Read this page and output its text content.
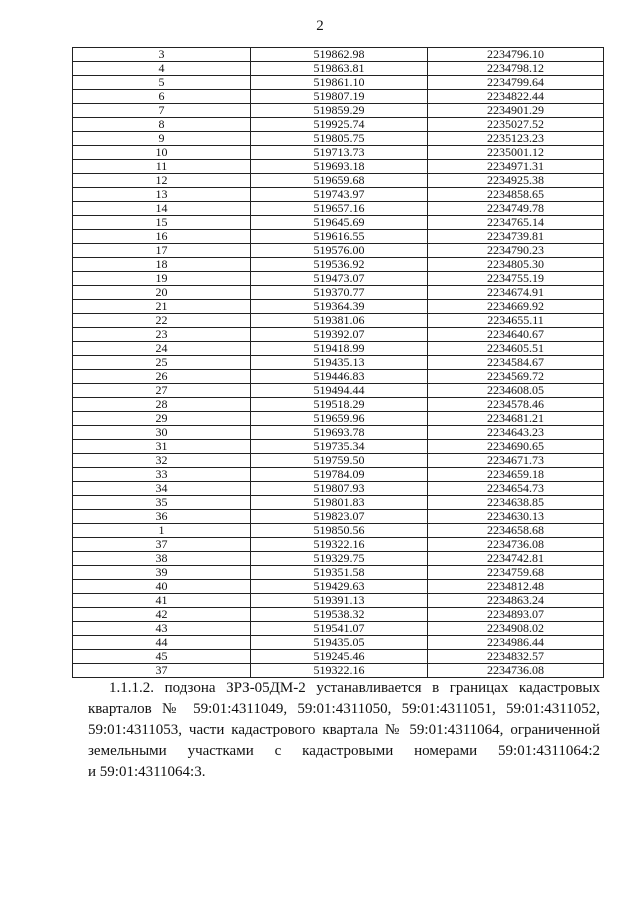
2
3	519862.98	2234796.10
4	519863.81	2234798.12
5	519861.10	2234799.64
6	519807.19	2234822.44
7	519859.29	2234901.29
8	519925.74	2235027.52
9	519805.75	2235123.23
10	519713.73	2235001.12
11	519693.18	2234971.31
12	519659.68	2234925.38
13	519743.97	2234858.65
14	519657.16	2234749.78
15	519645.69	2234765.14
16	519616.55	2234739.81
17	519576.00	2234790.23
18	519536.92	2234805.30
19	519473.07	2234755.19
20	519370.77	2234674.91
21	519364.39	2234669.92
22	519381.06	2234655.11
23	519392.07	2234640.67
24	519418.99	2234605.51
25	519435.13	2234584.67
26	519446.83	2234569.72
27	519494.44	2234608.05
28	519518.29	2234578.46
29	519659.96	2234681.21
30	519693.78	2234643.23
31	519735.34	2234690.65
32	519759.50	2234671.73
33	519784.09	2234659.18
34	519807.93	2234654.73
35	519801.83	2234638.85
36	519823.07	2234630.13
1	519850.56	2234658.68
37	519322.16	2234736.08
38	519329.75	2234742.81
39	519351.58	2234759.68
40	519429.63	2234812.48
41	519391.13	2234863.24
42	519538.32	2234893.07
43	519541.07	2234908.02
44	519435.05	2234986.44
45	519245.46	2234832.57
37	519322.16	2234736.08
1.1.1.2. подзона ЗРЗ-05ДМ-2 устанавливается в границах кадастровых
кварталов № 59:01:4311049, 59:01:4311050, 59:01:4311051, 59:01:4311052,
59:01:4311053, части кадастрового квартала № 59:01:4311064, ограниченной
земельными участками с кадастровыми номерами 59:01:4311064:2
и 59:01:4311064:3.
